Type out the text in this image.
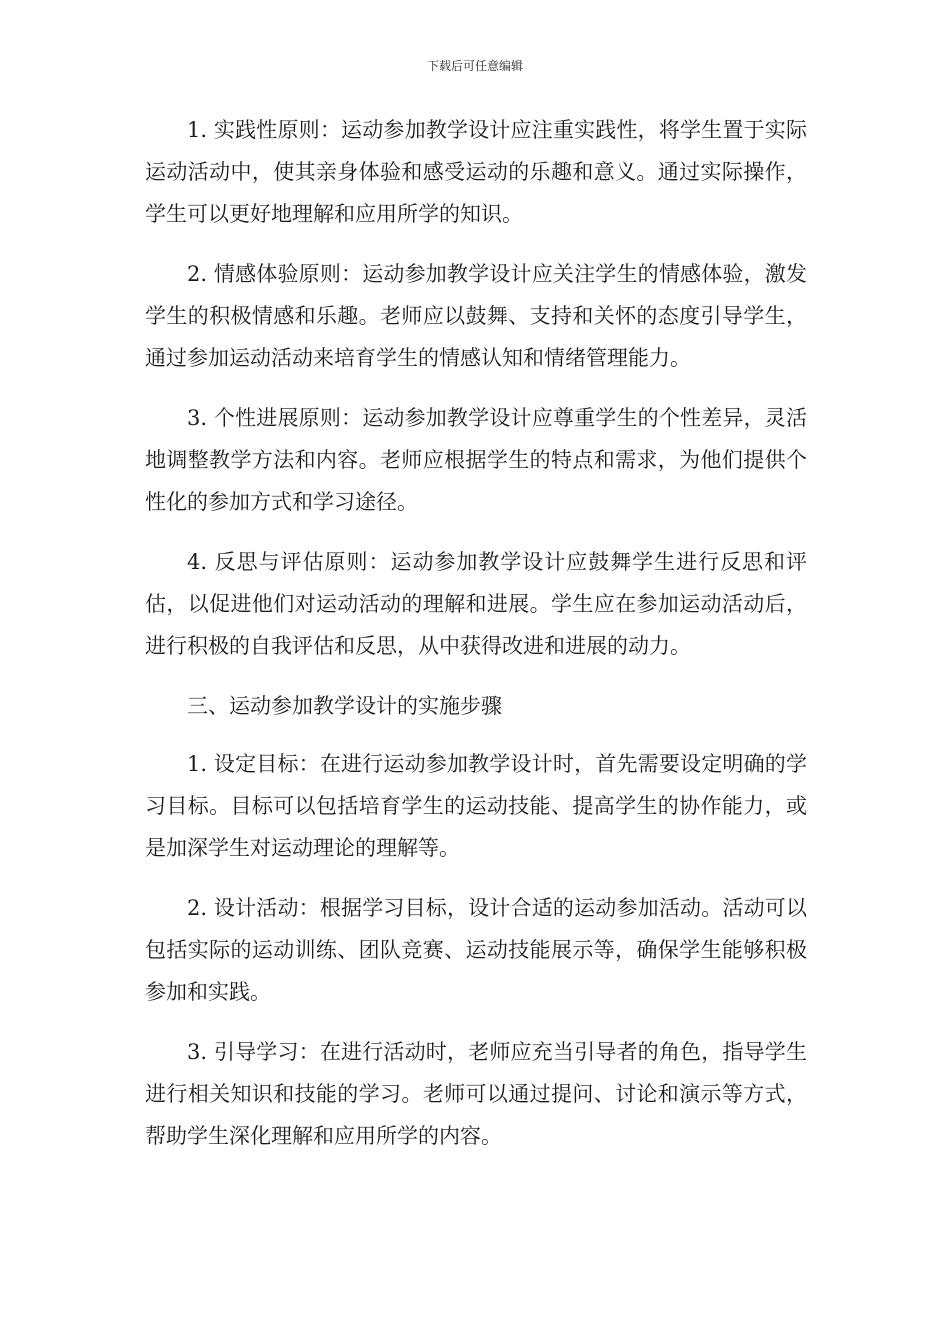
下载后可任意编辑

1. 实践性原则：运动参加教学设计应注重实践性，将学生置于实际运动活动中，使其亲身体验和感受运动的乐趣和意义。通过实际操作，学生可以更好地理解和应用所学的知识。

2. 情感体验原则：运动参加教学设计应关注学生的情感体验，激发学生的积极情感和乐趣。老师应以鼓舞、支持和关怀的态度引导学生，通过参加运动活动来培育学生的情感认知和情绪管理能力。

3. 个性进展原则：运动参加教学设计应尊重学生的个性差异，灵活地调整教学方法和内容。老师应根据学生的特点和需求，为他们提供个性化的参加方式和学习途径。

4. 反思与评估原则：运动参加教学设计应鼓舞学生进行反思和评估，以促进他们对运动活动的理解和进展。学生应在参加运动活动后，进行积极的自我评估和反思，从中获得改进和进展的动力。

三、运动参加教学设计的实施步骤

1. 设定目标：在进行运动参加教学设计时，首先需要设定明确的学习目标。目标可以包括培育学生的运动技能、提高学生的协作能力，或是加深学生对运动理论的理解等。

2. 设计活动：根据学习目标，设计合适的运动参加活动。活动可以包括实际的运动训练、团队竞赛、运动技能展示等，确保学生能够积极参加和实践。

3. 引导学习：在进行活动时，老师应充当引导者的角色，指导学生进行相关知识和技能的学习。老师可以通过提问、讨论和演示等方式，帮助学生深化理解和应用所学的内容。
